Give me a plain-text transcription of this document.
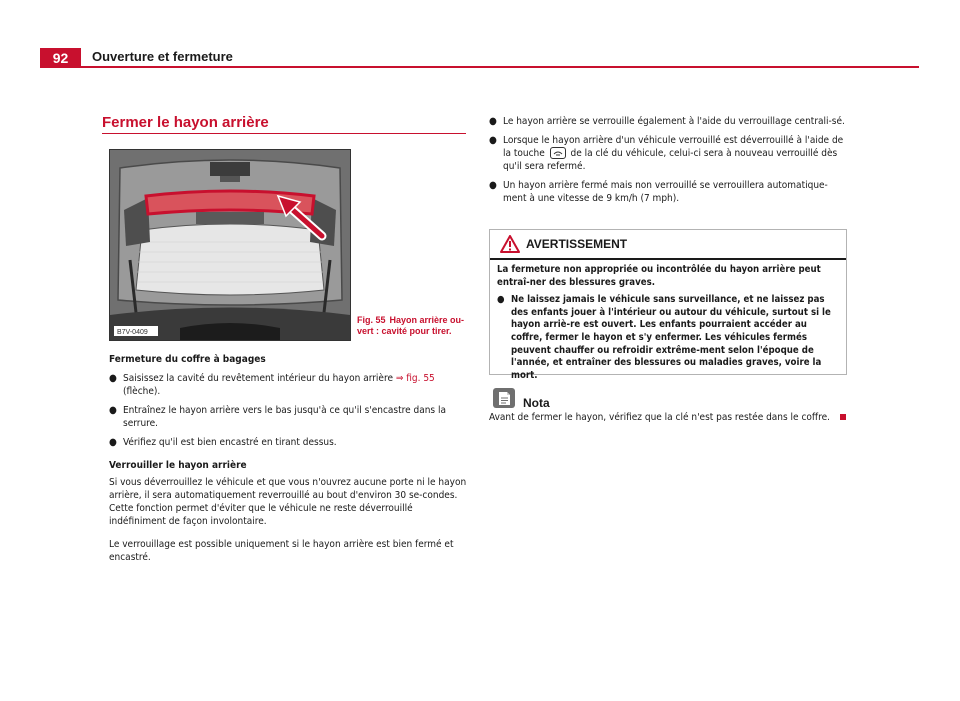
92	Ouverture et fermeture
Fermer le hayon arrière
B7V-0409
Fig. 55 Hayon arrière ou-vert : cavité pour tirer.
Fermeture du coffre à bagages
● Saisissez la cavité du revêtement intérieur du hayon arrière ⇒ fig. 55 (flèche).
● Entraînez le hayon arrière vers le bas jusqu'à ce qu'il s'encastre dans la serrure.
● Vérifiez qu'il est bien encastré en tirant dessus.
Verrouiller le hayon arrière
Si vous déverrouillez le véhicule et que vous n'ouvrez aucune porte ni le hayon arrière, il sera automatiquement reverrouillé au bout d'environ 30 se-condes. Cette fonction permet d'éviter que le véhicule ne reste déverrouillé indéfiniment de façon involontaire.
Le verrouillage est possible uniquement si le hayon arrière est bien fermé et encastré.
● Le hayon arrière se verrouille également à l'aide du verrouillage centrali-sé.
● Lorsque le hayon arrière d'un véhicule verrouillé est déverrouillé à l'aide de la touche
de la clé du véhicule, celui-ci sera à nouveau verrouillé dès qu'il sera refermé.
● Un hayon arrière fermé mais non verrouillé se verrouillera automatique-ment à une vitesse de 9 km/h (7 mph).
AVERTISSEMENT
La fermeture non appropriée ou incontrôlée du hayon arrière peut entraî-ner des blessures graves.
● Ne laissez jamais le véhicule sans surveillance, et ne laissez pas des enfants jouer à l'intérieur ou autour du véhicule, surtout si le hayon arriè-re est ouvert. Les enfants pourraient accéder au coffre, fermer le hayon et s'y enfermer. Les véhicules fermés peuvent chauffer ou refroidir extrême-ment selon l'époque de l'année, et entraîner des blessures ou maladies graves, voire la mort.
Nota
Avant de fermer le hayon, vérifiez que la clé n'est pas restée dans le coffre.
